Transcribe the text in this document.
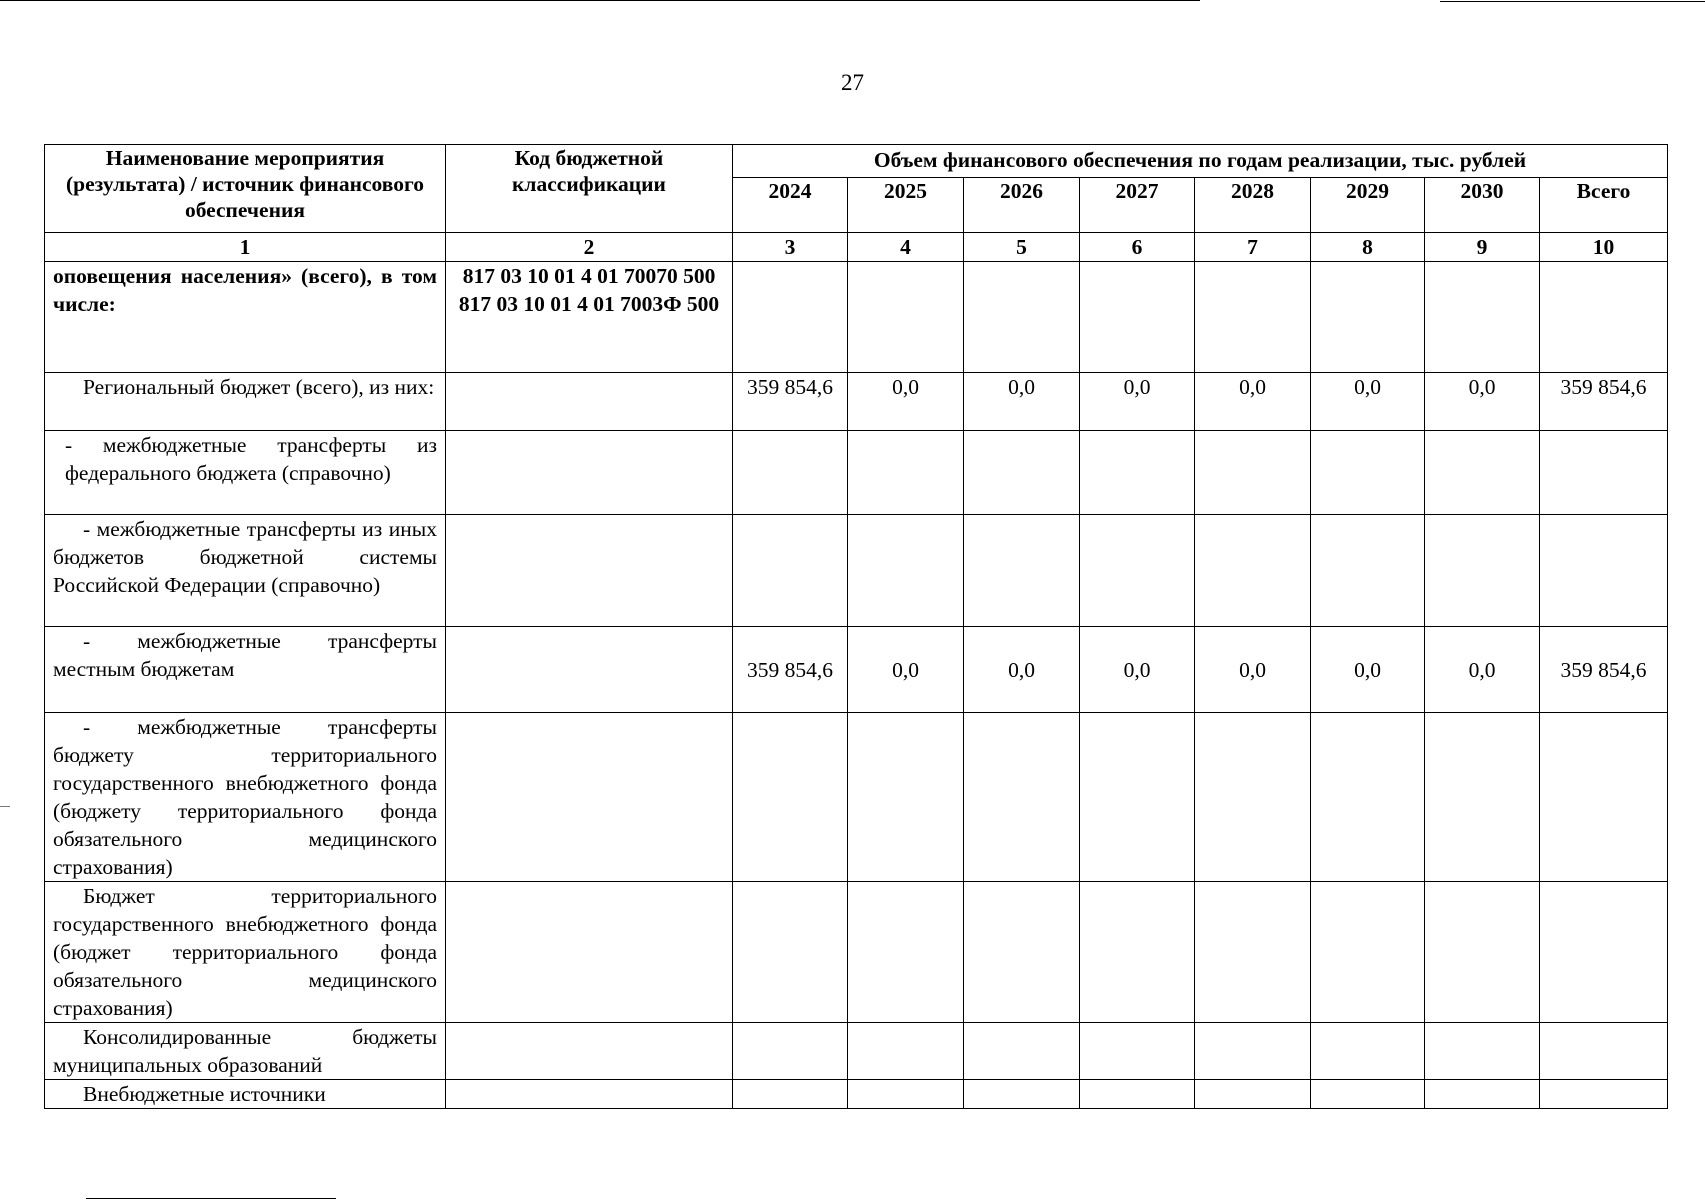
27
Наименование мероприятия (результата) / источник финансового обеспечения	Код бюджетной классификации	Объем финансового обеспечения по годам реализации, тыс. рублей							
		2024	2025	2026	2027	2028	2029	2030	Всего
1	2	3	4	5	6	7	8	9	10
оповещения населения» (всего), в том числе:	817 03 10 01 4 01 70070 500
817 03 10 01 4 01 7003Ф 500								

Региональный бюджет (всего), из них:		359 854,6	0,0	0,0	0,0	0,0	0,0	0,0	359 854,6
- межбюджетные трансферты из федерального бюджета (справочно)									
- межбюджетные трансферты из иных бюджетов бюджетной системы Российской Федерации (справочно)									
- межбюджетные трансферты местным бюджетам		359 854,6	0,0	0,0	0,0	0,0	0,0	0,0	359 854,6
- межбюджетные трансферты бюджету территориального государственного внебюджетного фонда (бюджету территориального фонда обязательного медицинского страхования)									
Бюджет территориального государственного внебюджетного фонда (бюджет территориального фонда обязательного медицинского страхования)									
Консолидированные бюджеты муниципальных образований									
Внебюджетные источники									
